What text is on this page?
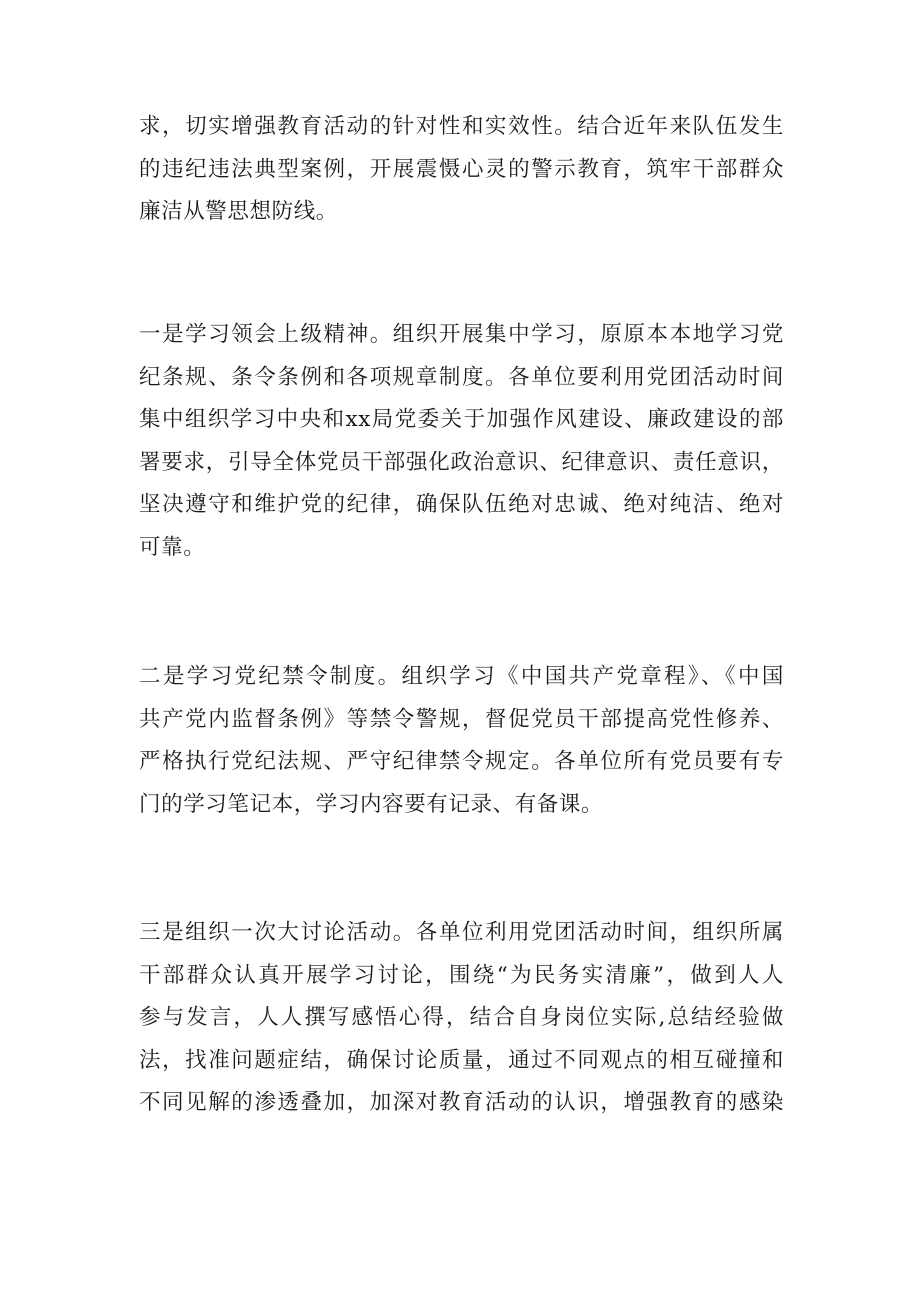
求，切实增强教育活动的针对性和实效性。结合近年来队伍发生
的违纪违法典型案例，开展震慑心灵的警示教育，筑牢干部群众
廉洁从警思想防线。

一是学习领会上级精神。组织开展集中学习，原原本本地学习党
纪条规、条令条例和各项规章制度。各单位要利用党团活动时间
集中组织学习中央和xx局党委关于加强作风建设、廉政建设的部
署要求，引导全体党员干部强化政治意识、纪律意识、责任意识，
坚决遵守和维护党的纪律，确保队伍绝对忠诚、绝对纯洁、绝对
可靠。

二是学习党纪禁令制度。组织学习《中国共产党章程》、《中国
共产党内监督条例》等禁令警规，督促党员干部提高党性修养、
严格执行党纪法规、严守纪律禁令规定。各单位所有党员要有专
门的学习笔记本，学习内容要有记录、有备课。

三是组织一次大讨论活动。各单位利用党团活动时间，组织所属
干部群众认真开展学习讨论，围绕“为民务实清廉”，做到人人
参与发言，人人撰写感悟心得，结合自身岗位实际,总结经验做
法，找准问题症结，确保讨论质量，通过不同观点的相互碰撞和
不同见解的渗透叠加，加深对教育活动的认识，增强教育的感染
